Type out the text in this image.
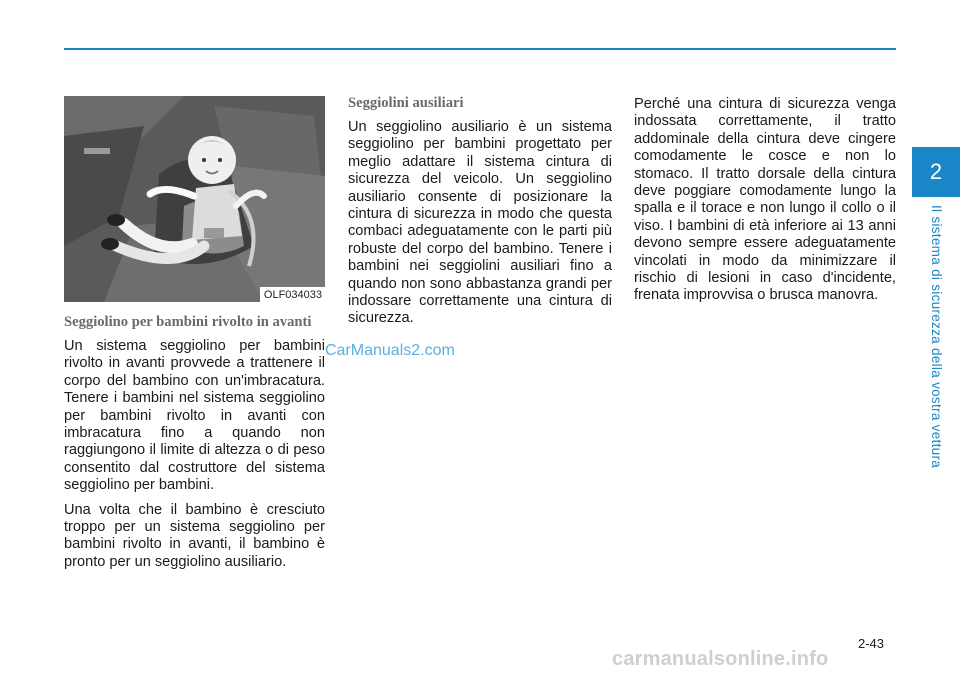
2
Il sistema di sicurezza della vostra vettura
OLF034033
Seggiolino per bambini rivolto in avanti

Un sistema seggiolino per bambini rivolto in avanti provvede a trattenere il corpo del bambino con un'imbracatura. Tenere i bambini nel sistema seggiolino per bambini rivolto in avanti con imbracatura fino a quando non raggiungono il limite di altezza o di peso consentito dal costruttore del sistema seggiolino per bambini.

Una volta che il bambino è cresciuto troppo per un sistema seggiolino per bambini rivolto in avanti, il bambino è pronto per un seggiolino ausiliario.

Seggiolini ausiliari

Un seggiolino ausiliario è un sistema seggiolino per bambini progettato per meglio adattare il sistema cintura di sicurezza del veicolo. Un seggiolino ausiliario consente di posizionare la cintura di sicurezza in modo che questa combaci adeguatamente con le parti più robuste del corpo del bambino. Tenere i bambini nei seggiolini ausiliari fino a quando non sono abbastanza grandi per indossare correttamente una cintura di sicurezza.

Perché una cintura di sicurezza venga indossata correttamente, il tratto addominale della cintura deve cingere comodamente le cosce e non lo stomaco. Il tratto dorsale della cintura deve poggiare comodamente lungo la spalla e il torace e non lungo il collo o il viso. I bambini di età inferiore ai 13 anni devono sempre essere adeguatamente vincolati in modo da minimizzare il rischio di lesioni in caso d'incidente, frenata improvvisa o brusca manovra.

CarManuals2.com
2-43
carmanualsonline.info
